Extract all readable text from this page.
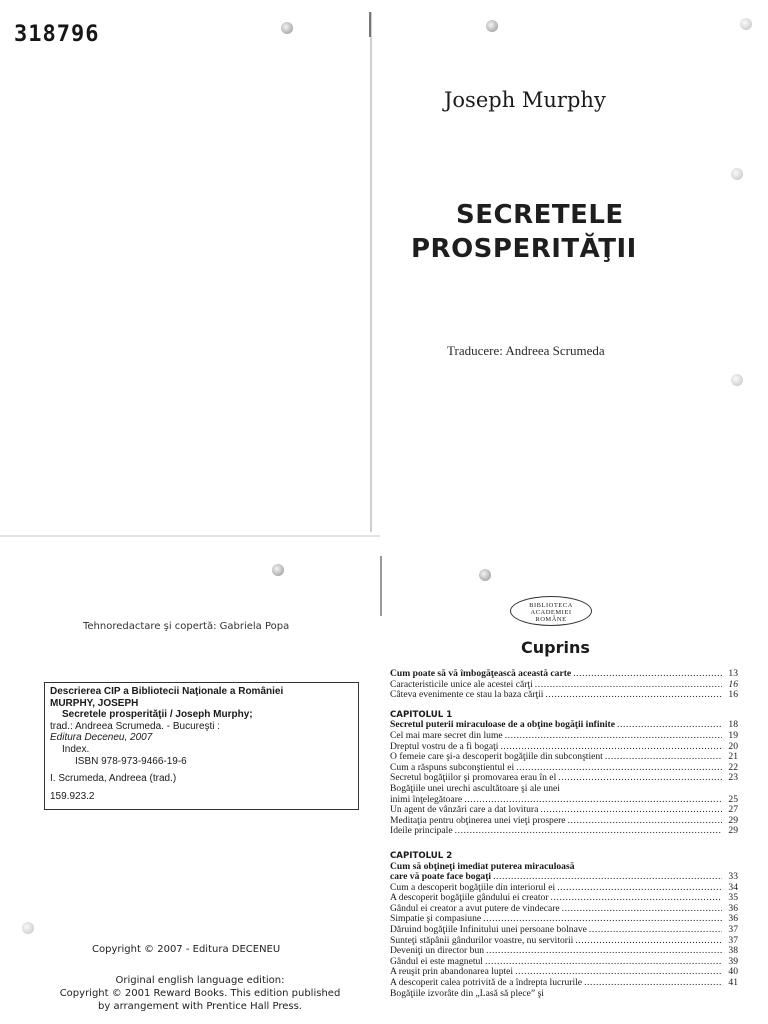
318796
Joseph Murphy
SECRETELE
PROSPERITĂŢII
Traducere: Andreea Scrumeda
Tehnoredactare şi copertă: Gabriela Popa
Descrierea CIP a Bibliotecii Naţionale a României
MURPHY, JOSEPH
Secretele prosperităţii / Joseph Murphy;
trad.: Andreea Scrumeda. - Bucureşti :
Editura Deceneu, 2007
Index.
ISBN 978-973-9466-19-6
I. Scrumeda, Andreea (trad.)
159.923.2
Copyright © 2007 - Editura DECENEU
Original english language edition:
Copyright © 2001 Reward Books. This edition published
by arrangement with Prentice Hall Press.
BIBLIOTECA
ACADEMIEI
ROMÂNE
Cuprins
Cum poate să vă îmbogăţească această carte .....	13
Caracteristicile unice ale acestei cărţi .....	16
Câteva evenimente ce stau la baza cărţii .....	16
CAPITOLUL 1
Secretul puterii miraculoase de a obţine bogăţii infinite .....	18
Cel mai mare secret din lume .....	19
Dreptul vostru de a fi bogaţi .....	20
O femeie care şi-a descoperit bogăţiile din subconştient .....	21
Cum a răspuns subconştientul ei .....	22
Secretul bogăţiilor şi promovarea erau în el .....	23
Bogăţiile unei urechi ascultătoare şi ale unei
inimi înţelegătoare .....	25
Un agent de vânzări care a dat lovitura .....	27
Meditaţia pentru obţinerea unei vieţi prospere .....	29
Ideile principale .....	29
CAPITOLUL 2
Cum să obţineţi imediat puterea miraculoasă
care vă poate face bogaţi .....	33
Cum a descoperit bogăţiile din interiorul ei .....	34
A descoperit bogăţiile gândului ei creator .....	35
Gândul ei creator a avut putere de vindecare .....	36
Simpatie şi compasiune .....	36
Dăruind bogăţiile Infinitului unei persoane bolnave .....	37
Sunteţi stăpânii gândurilor voastre, nu servitorii .....	37
Deveniţi un director bun .....	38
Gândul ei este magnetul .....	39
A reuşit prin abandonarea luptei .....	40
A descoperit calea potrivită de a îndrepta lucrurile .....	41
Bogăţiile izvorâte din „Lasă să plece” şi
